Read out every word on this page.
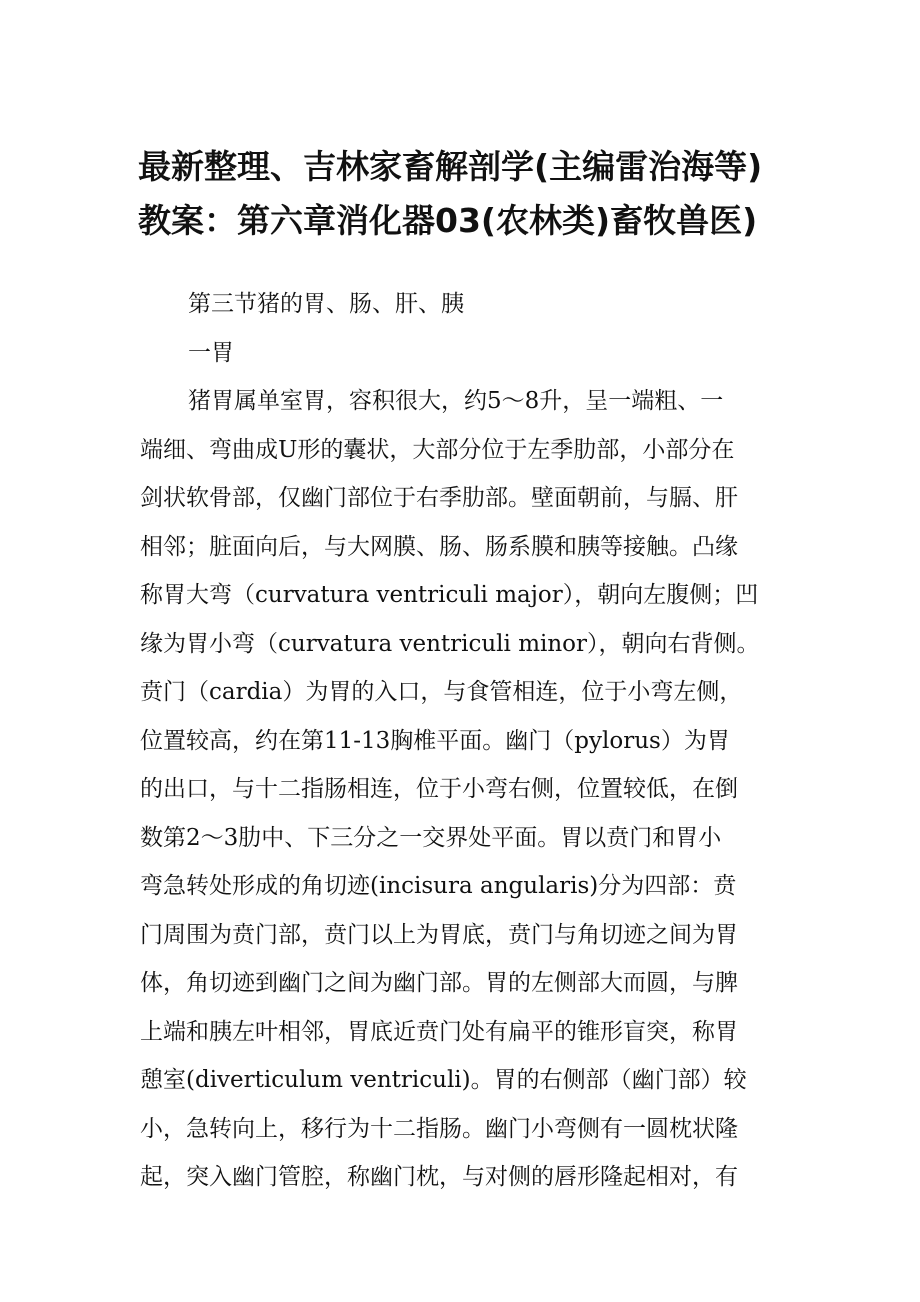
最新整理、吉林家畜解剖学(主编雷治海等)
教案：第六章消化器03(农林类)畜牧兽医)
第三节猪的胃、肠、肝、胰
一胃
猪胃属单室胃，容积很大，约5～8升，呈一端粗、一
端细、弯曲成U形的囊状，大部分位于左季肋部，小部分在
剑状软骨部，仅幽门部位于右季肋部。壁面朝前，与膈、肝
相邻；脏面向后，与大网膜、肠、肠系膜和胰等接触。凸缘
称胃大弯（curvatura ventriculi major），朝向左腹侧；凹
缘为胃小弯（curvatura ventriculi minor），朝向右背侧。
贲门（cardia）为胃的入口，与食管相连，位于小弯左侧，
位置较高，约在第11-13胸椎平面。幽门（pylorus）为胃
的出口，与十二指肠相连，位于小弯右侧，位置较低，在倒
数第2～3肋中、下三分之一交界处平面。胃以贲门和胃小
弯急转处形成的角切迹(incisura angularis)分为四部：贲
门周围为贲门部，贲门以上为胃底，贲门与角切迹之间为胃
体，角切迹到幽门之间为幽门部。胃的左侧部大而圆，与脾
上端和胰左叶相邻，胃底近贲门处有扁平的锥形盲突，称胃
憩室(diverticulum ventriculi)。胃的右侧部（幽门部）较
小，急转向上，移行为十二指肠。幽门小弯侧有一圆枕状隆
起，突入幽门管腔，称幽门枕，与对侧的唇形隆起相对，有
